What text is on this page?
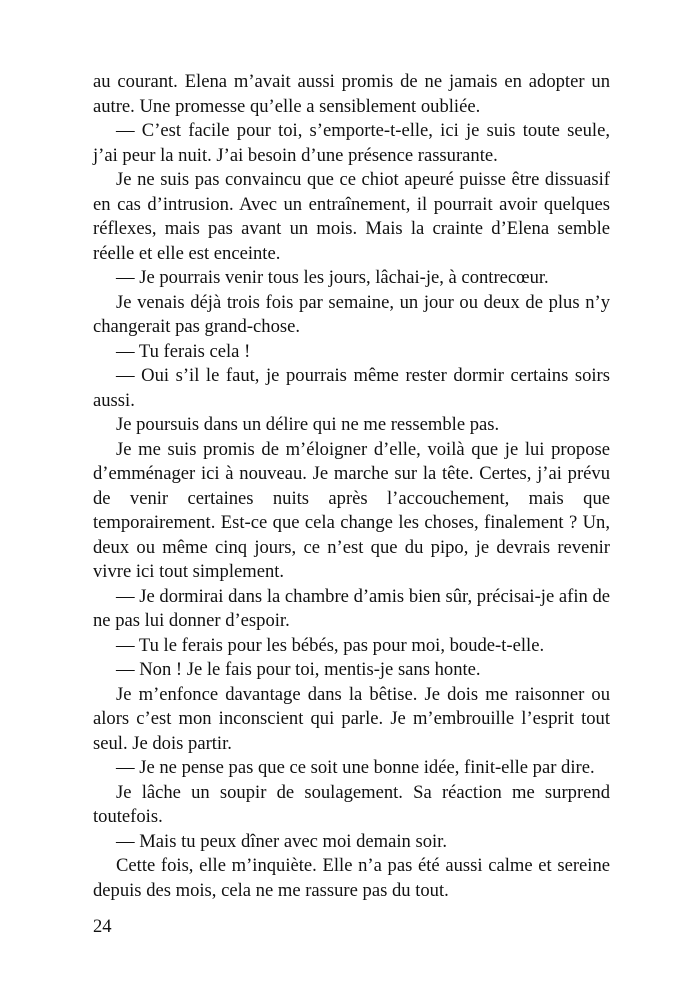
au courant. Elena m’avait aussi promis de ne jamais en adopter un autre. Une promesse qu’elle a sensiblement oubliée.

— C’est facile pour toi, s’emporte-t-elle, ici je suis toute seule, j’ai peur la nuit. J’ai besoin d’une présence rassurante.

Je ne suis pas convaincu que ce chiot apeuré puisse être dissuasif en cas d’intrusion. Avec un entraînement, il pourrait avoir quelques réflexes, mais pas avant un mois. Mais la crainte d’Elena semble réelle et elle est enceinte.

— Je pourrais venir tous les jours, lâchai-je, à contrecœur.

Je venais déjà trois fois par semaine, un jour ou deux de plus n’y changerait pas grand-chose.

— Tu ferais cela !

— Oui s’il le faut, je pourrais même rester dormir certains soirs aussi.

Je poursuis dans un délire qui ne me ressemble pas.

Je me suis promis de m’éloigner d’elle, voilà que je lui propose d’emménager ici à nouveau. Je marche sur la tête. Certes, j’ai prévu de venir certaines nuits après l’accouchement, mais que temporairement. Est-ce que cela change les choses, finalement ? Un, deux ou même cinq jours, ce n’est que du pipo, je devrais revenir vivre ici tout simplement.

— Je dormirai dans la chambre d’amis bien sûr, précisai-je afin de ne pas lui donner d’espoir.

— Tu le ferais pour les bébés, pas pour moi, boude-t-elle.

— Non ! Je le fais pour toi, mentis-je sans honte.

Je m’enfonce davantage dans la bêtise. Je dois me raisonner ou alors c’est mon inconscient qui parle. Je m’embrouille l’esprit tout seul. Je dois partir.

— Je ne pense pas que ce soit une bonne idée, finit-elle par dire.

Je lâche un soupir de soulagement. Sa réaction me surprend toutefois.

— Mais tu peux dîner avec moi demain soir.

Cette fois, elle m’inquiète. Elle n’a pas été aussi calme et sereine depuis des mois, cela ne me rassure pas du tout.

24
